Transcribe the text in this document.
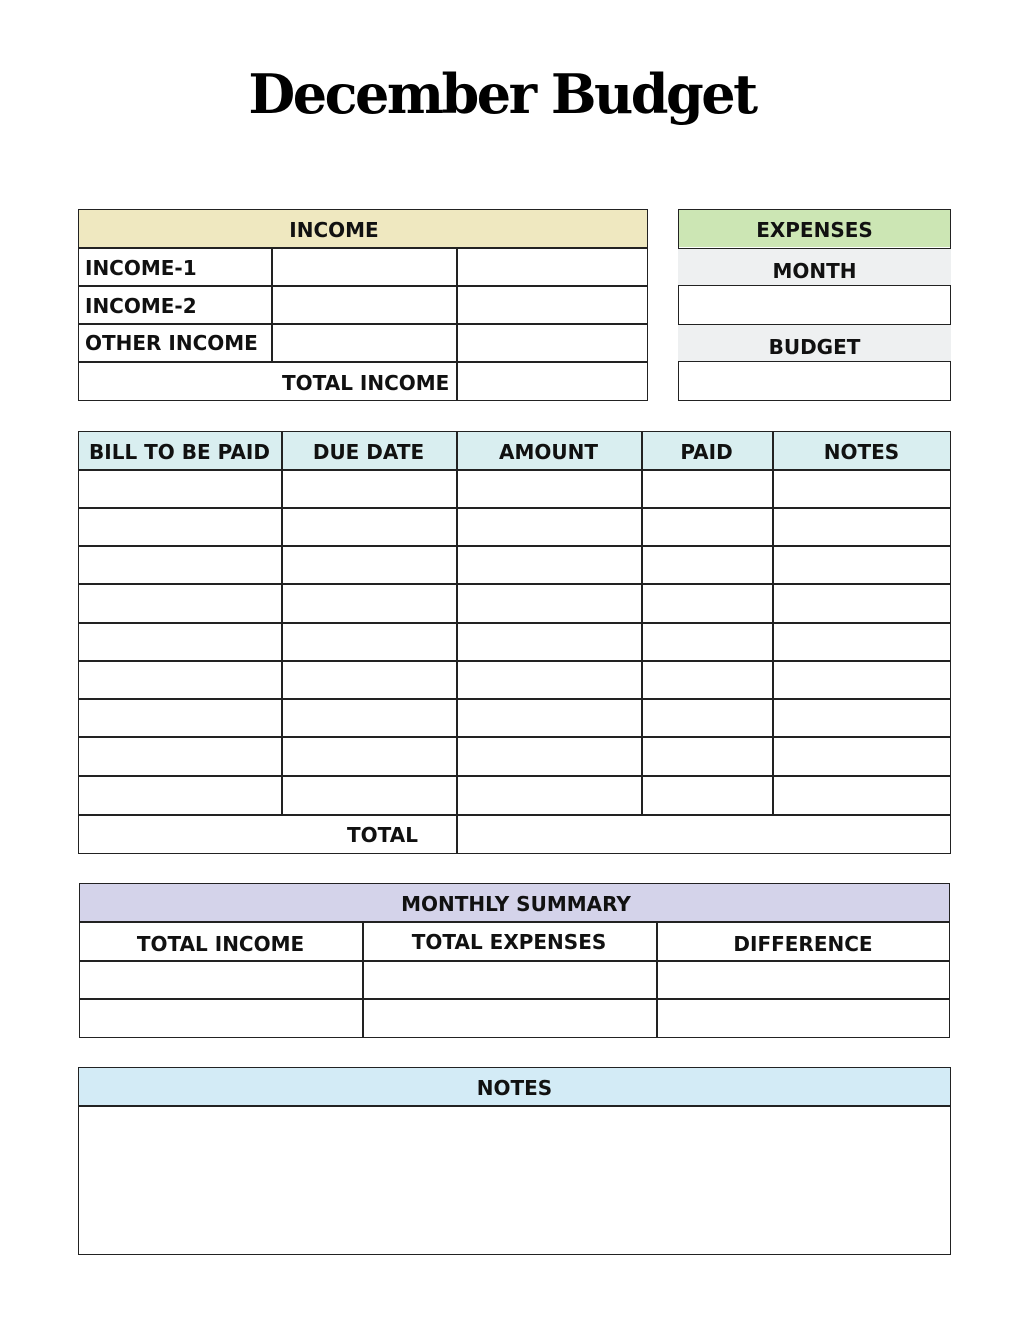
December Budget
INCOME
INCOME-1
INCOME-2
OTHER INCOME
TOTAL INCOME
EXPENSES
MONTH
BUDGET
BILL TO BE PAID	DUE DATE	AMOUNT	PAID	NOTES
TOTAL
MONTHLY SUMMARY
TOTAL INCOME	TOTAL EXPENSES	DIFFERENCE
NOTES
